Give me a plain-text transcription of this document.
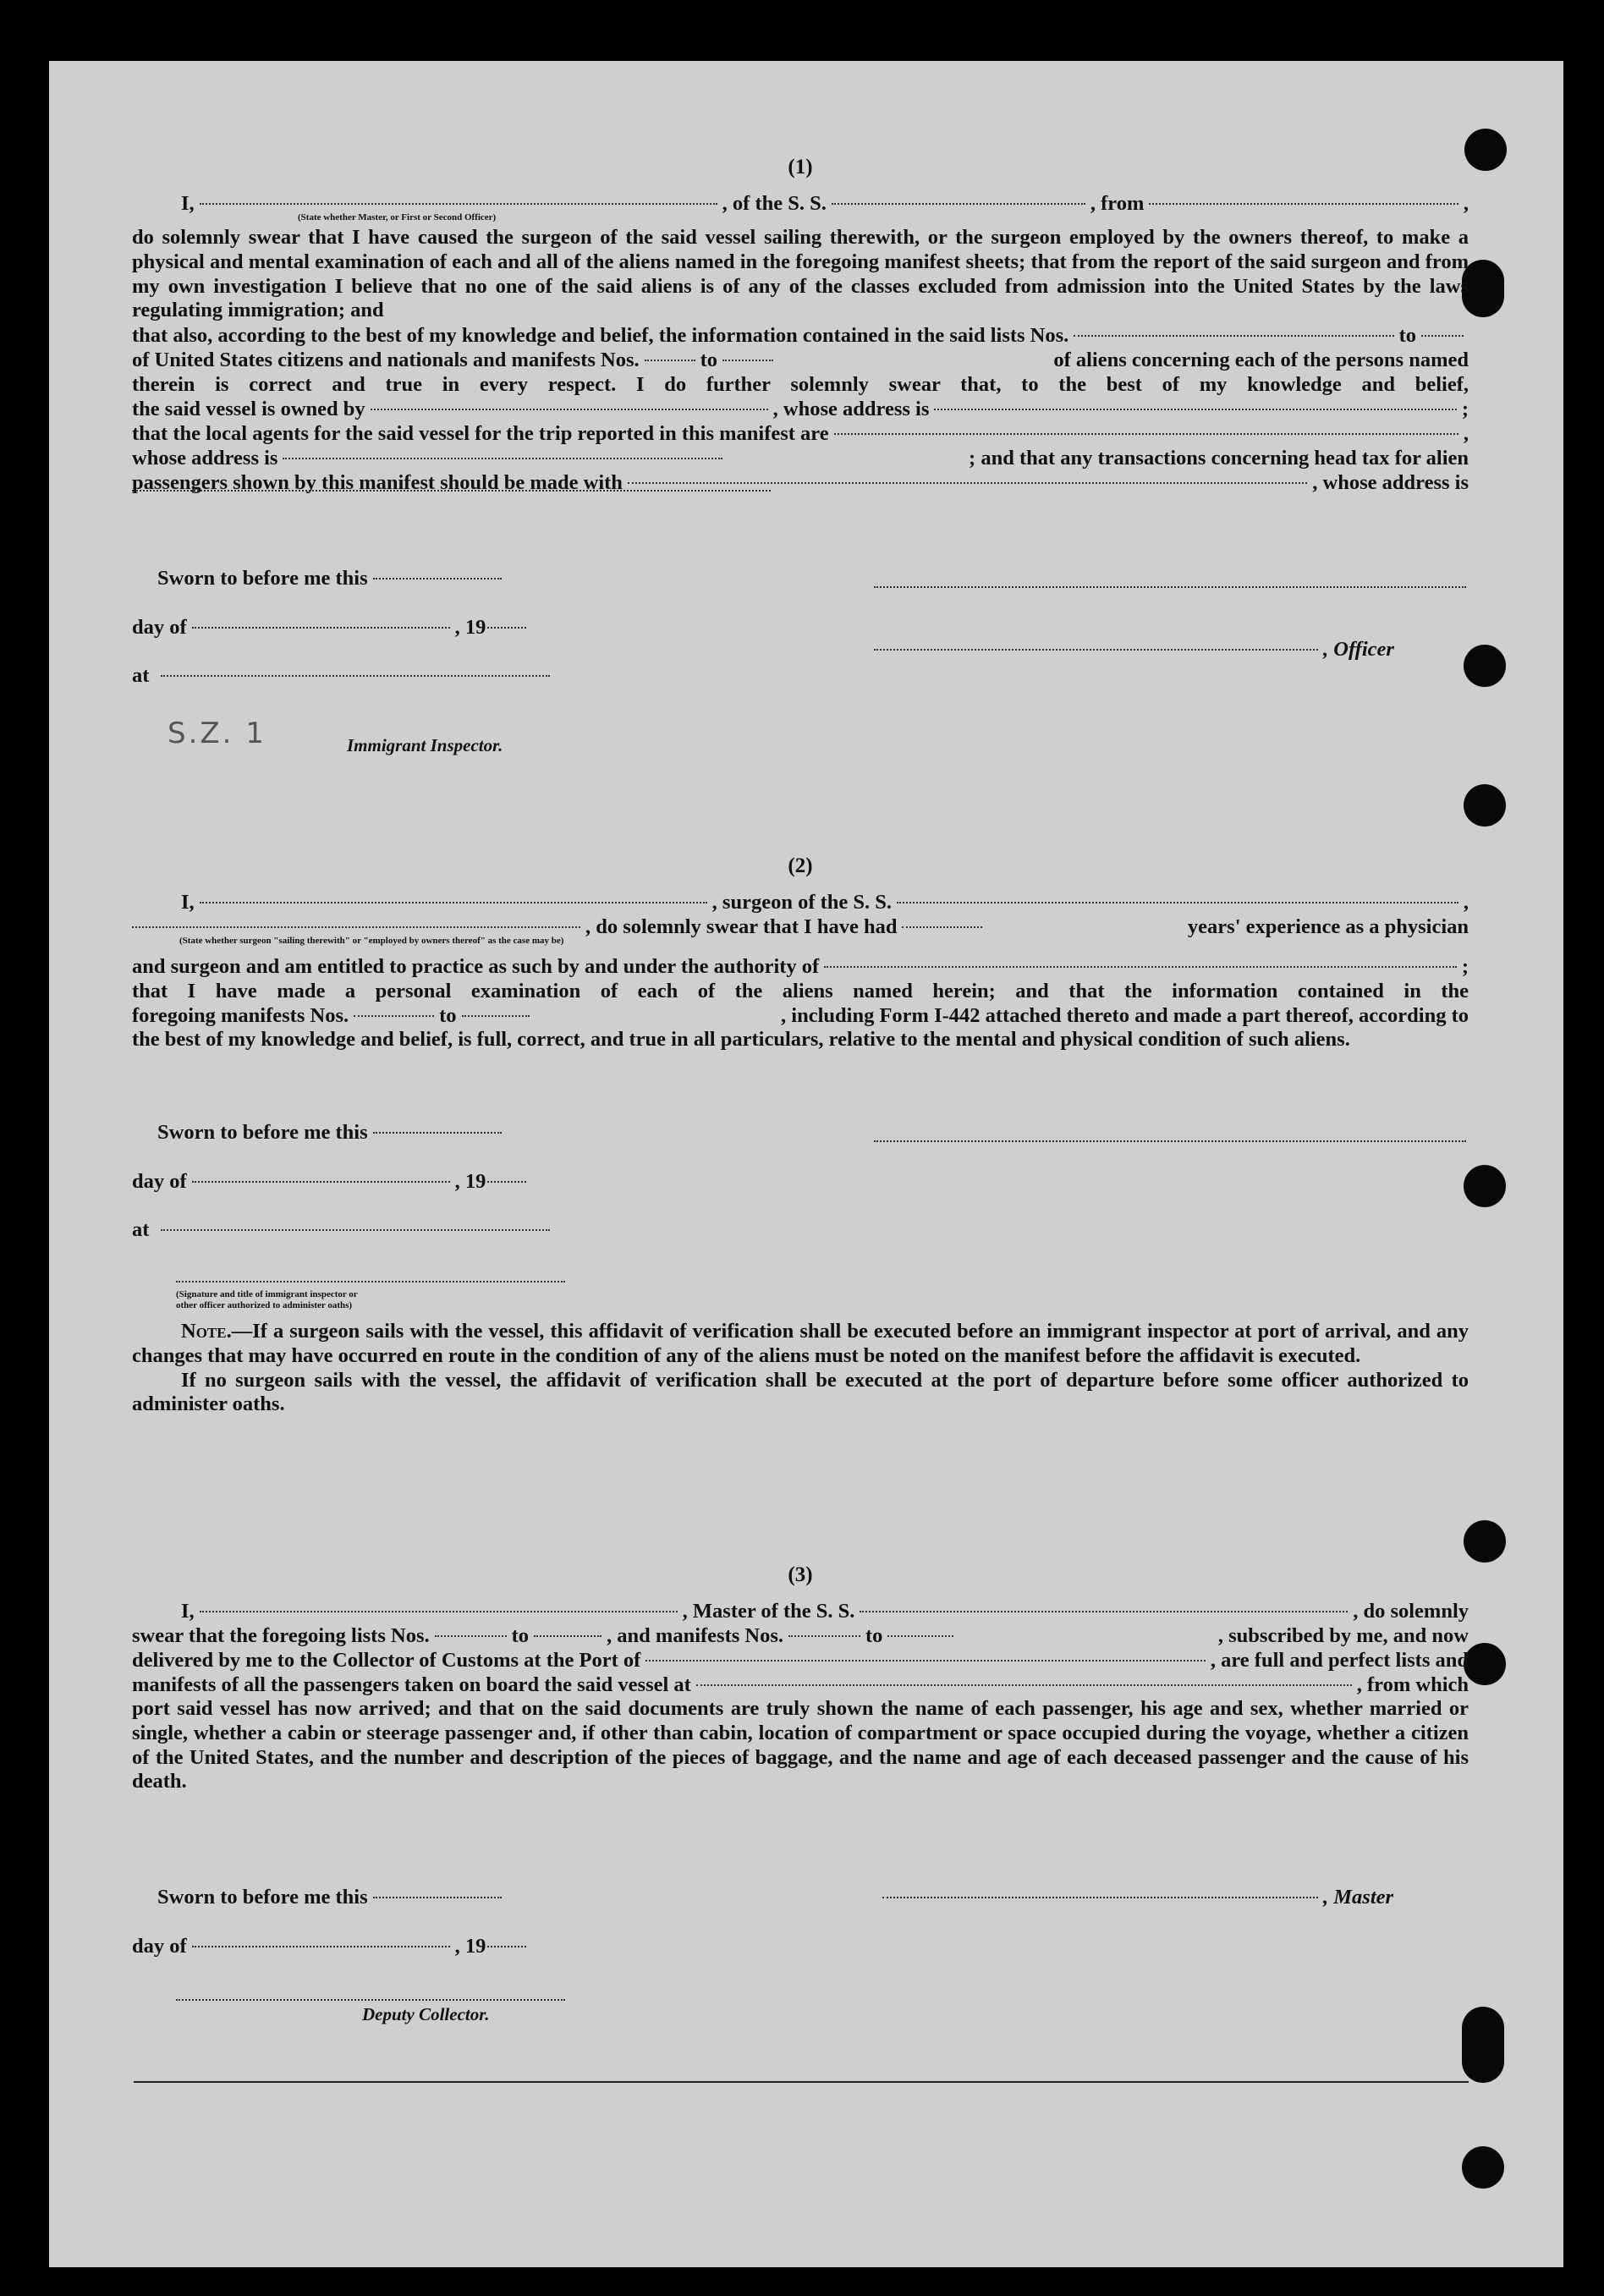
(1)

I,	, of the S. S.	, from	,
(State whether Master, or First or Second Officer)

do solemnly swear that I have caused the surgeon of the said vessel sailing therewith, or the surgeon employed by the owners thereof, to make a physical and mental examination of each and all of the aliens named in the foregoing manifest sheets; that from the report of the said surgeon and from my own investigation I believe that no one of the said aliens is of any of the classes excluded from admission into the United States by the laws regulating immigration; and

that also, according to the best of my knowledge and belief, the information contained in the said lists Nos.	to
of United States citizens and nationals and manifests Nos.	to	of aliens concerning each of the persons named
therein is correct and true in every respect. I do further solemnly swear that, to the best of my knowledge and belief,
the said vessel is owned by	, whose address is	;
that the local agents for the said vessel for the trip reported in this manifest are	,
whose address is	; and that any transactions concerning head tax for alien
passengers shown by this manifest should be made with	, whose address is
Sworn to before me this
day of	, 19
, Officer
at
S.Z. 1	Immigrant Inspector.

(2)

I,	, surgeon of the S. S.	,
, do solemnly swear that I have had	years' experience as a physician
(State whether surgeon "sailing therewith" or "employed by owners thereof" as the case may be)
and surgeon and am entitled to practice as such by and under the authority of	;
that I have made a personal examination of each of the aliens named herein; and that the information contained in the
foregoing manifests Nos.	to	, including Form I-442 attached thereto and made a part thereof, according to

the best of my knowledge and belief, is full, correct, and true in all particulars, relative to the mental and physical condition of such aliens.

Sworn to before me this
day of	, 19
at
(Signature and title of immigrant inspector or
other officer authorized to administer oaths)

Note.—If a surgeon sails with the vessel, this affidavit of verification shall be executed before an immigrant inspector at port of arrival, and any changes that may have occurred en route in the condition of any of the aliens must be noted on the manifest before the affidavit is executed.

If no surgeon sails with the vessel, the affidavit of verification shall be executed at the port of departure before some officer authorized to administer oaths.

(3)

I,	, Master of the S. S.	, do solemnly
swear that the foregoing lists Nos.	to	, and manifests Nos.	to	, subscribed by me, and now
delivered by me to the Collector of Customs at the Port of	, are full and perfect lists and
manifests of all the passengers taken on board the said vessel at	, from which

port said vessel has now arrived; and that on the said documents are truly shown the name of each passenger, his age and sex, whether married or single, whether a cabin or steerage passenger and, if other than cabin, location of compartment or space occupied during the voyage, whether a citizen of the United States, and the number and description of the pieces of baggage, and the name and age of each deceased passenger and the cause of his death.

Sworn to before me this	, Master
day of	, 19
Deputy Collector.
